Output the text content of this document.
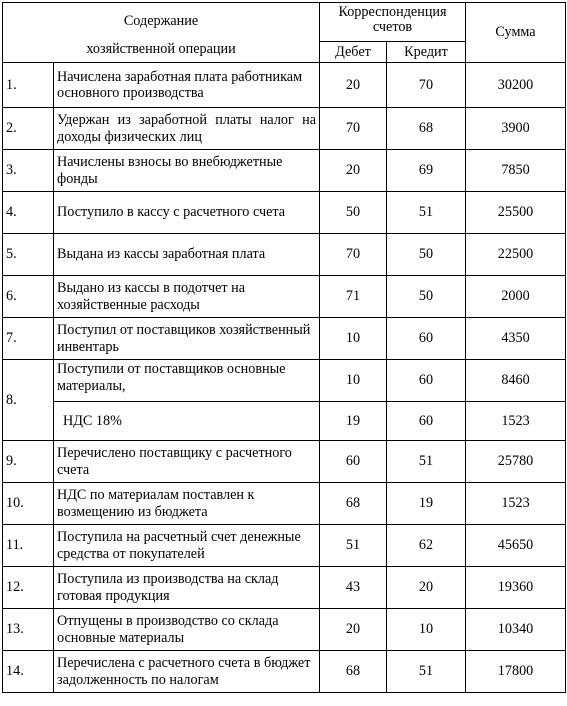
Содержание
хозяйственной операции		Корреспонденция счетов		Сумма
		Дебет	Кредит	
1.	Начислена заработная плата работникам основного производства	20	70	30200
2.	Удержан из заработной платы налог на доходы физических лиц	70	68	3900
3.	Начислены взносы во внебюджетные фонды	20	69	7850
4.	Поступило в кассу с расчетного счета	50	51	25500
5.	Выдана из кассы заработная плата	70	50	22500
6.	Выдано из кассы в подотчет на хозяйственные расходы	71	50	2000
7.	Поступил от поставщиков хозяйственный инвентарь	10	60	4350
8.	Поступили от поставщиков основные материалы,	10	60	8460
	НДС 18%	19	60	1523
9.	Перечислено поставщику с расчетного счета	60	51	25780
10.	НДС по материалам поставлен к возмещению из бюджета	68	19	1523
11.	Поступила на расчетный счет денежные средства от покупателей	51	62	45650
12.	Поступила из производства на склад готовая продукция	43	20	19360
13.	Отпущены в производство со склада основные материалы	20	10	10340
14.	Перечислена с расчетного счета в бюджет задолженность по налогам	68	51	17800
